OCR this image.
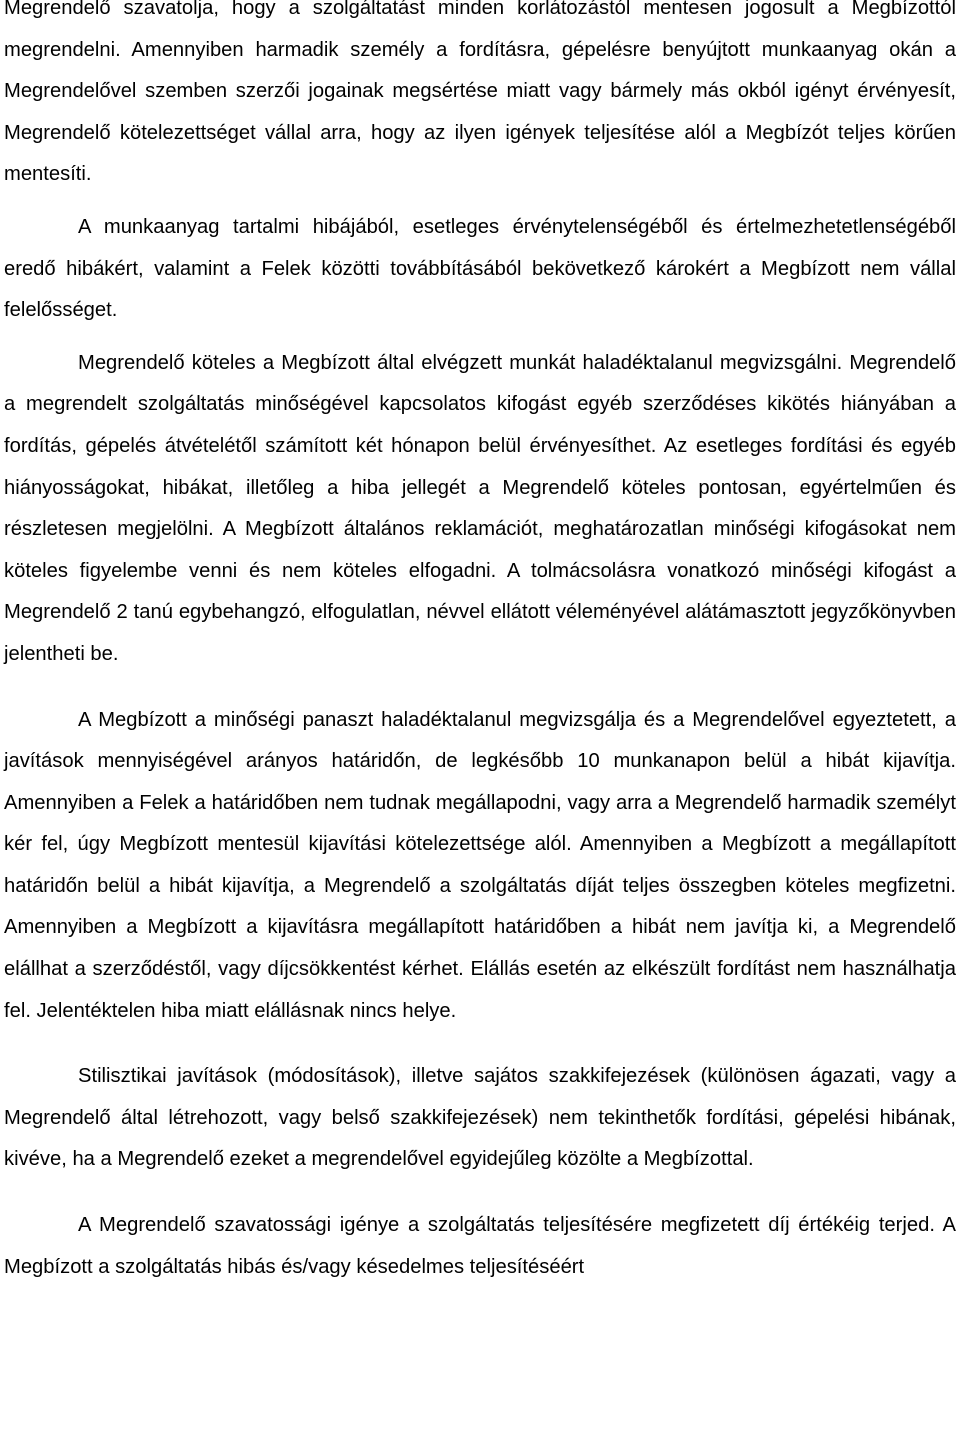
Megrendelő szavatolja, hogy a szolgáltatást minden korlátozástól mentesen jogosult a Megbízottól megrendelni. Amennyiben harmadik személy a fordításra, gépelésre benyújtott munkaanyag okán a Megrendelővel szemben szerzői jogainak megsértése miatt vagy bármely más okból igényt érvényesít, Megrendelő kötelezettséget vállal arra, hogy az ilyen igények teljesítése alól a Megbízót teljes körűen mentesíti.

A munkaanyag tartalmi hibájából, esetleges érvénytelenségéből és értelmezhetetlenségéből eredő hibákért, valamint a Felek közötti továbbításából bekövetkező károkért a Megbízott nem vállal felelősséget.

Megrendelő köteles a Megbízott által elvégzett munkát haladéktalanul megvizsgálni. Megrendelő a megrendelt szolgáltatás minőségével kapcsolatos kifogást egyéb szerződéses kikötés hiányában a fordítás, gépelés átvételétől számított két hónapon belül érvényesíthet. Az esetleges fordítási és egyéb hiányosságokat, hibákat, illetőleg a hiba jellegét a Megrendelő köteles pontosan, egyértelműen és részletesen megjelölni. A Megbízott általános reklamációt, meghatározatlan minőségi kifogásokat nem köteles figyelembe venni és nem köteles elfogadni. A tolmácsolásra vonatkozó minőségi kifogást a Megrendelő 2 tanú egybehangzó, elfogulatlan, névvel ellátott véleményével alátámasztott jegyzőkönyvben jelentheti be.

A Megbízott a minőségi panaszt haladéktalanul megvizsgálja és a Megrendelővel egyeztetett, a javítások mennyiségével arányos határidőn, de legkésőbb 10 munkanapon belül a hibát kijavítja. Amennyiben a Felek a határidőben nem tudnak megállapodni, vagy arra a Megrendelő harmadik személyt kér fel, úgy Megbízott mentesül kijavítási kötelezettsége alól. Amennyiben a Megbízott a megállapított határidőn belül a hibát kijavítja, a Megrendelő a szolgáltatás díját teljes összegben köteles megfizetni. Amennyiben a Megbízott a kijavításra megállapított határidőben a hibát nem javítja ki, a Megrendelő elállhat a szerződéstől, vagy díjcsökkentést kérhet. Elállás esetén az elkészült fordítást nem használhatja fel. Jelentéktelen hiba miatt elállásnak nincs helye.

Stilisztikai javítások (módosítások), illetve sajátos szakkifejezések (különösen ágazati, vagy a Megrendelő által létrehozott, vagy belső szakkifejezések) nem tekinthetők fordítási, gépelési hibának, kivéve, ha a Megrendelő ezeket a megrendelővel egyidejűleg közölte a Megbízottal.

A Megrendelő szavatossági igénye a szolgáltatás teljesítésére megfizetett díj értékéig terjed. A Megbízott a szolgáltatás hibás és/vagy késedelmes teljesítéséért
